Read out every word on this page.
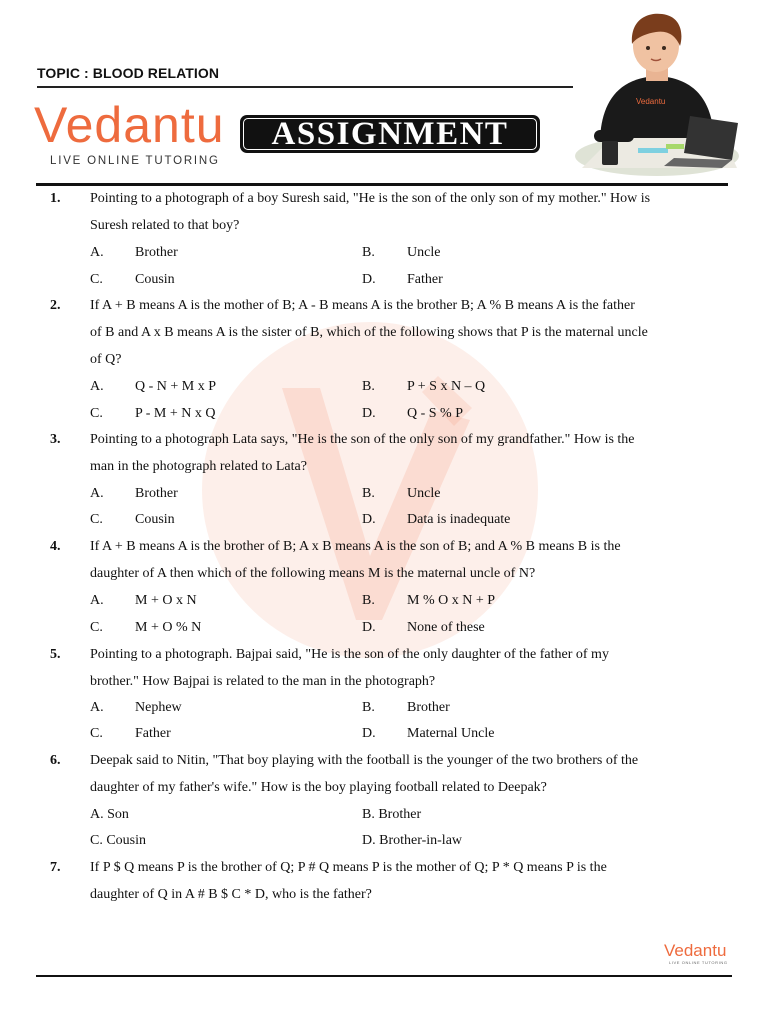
TOPIC : BLOOD RELATION
Vedantu
LIVE ONLINE TUTORING
ASSIGNMENT
Vedantu
1. Pointing to a photograph of a boy Suresh said, "He is the son of the only son of my mother." How is
Suresh related to that boy?
A. Brother	B. Uncle
C. Cousin	D. Father
2. If A + B means A is the mother of B; A - B means A is the brother B; A % B means A is the father
of B and A x B means A is the sister of B, which of the following shows that P is the maternal uncle
of Q?
A. Q - N + M x P	B. P + S x N – Q
C. P - M + N x Q	D. Q - S % P
3. Pointing to a photograph Lata says, "He is the son of the only son of my grandfather." How is the
man in the photograph related to Lata?
A. Brother	B. Uncle
C. Cousin	D. Data is inadequate
4. If A + B means A is the brother of B; A x B means A is the son of B; and A % B means B is the
daughter of A then which of the following means M is the maternal uncle of N?
A. M + O x N	B. M % O x N + P
C. M + O % N	D. None of these
5. Pointing to a photograph. Bajpai said, "He is the son of the only daughter of the father of my
brother." How Bajpai is related to the man in the photograph?
A. Nephew	B. Brother
C. Father	D. Maternal Uncle
6. Deepak said to Nitin, "That boy playing with the football is the younger of the two brothers of the
daughter of my father's wife." How is the boy playing football related to Deepak?
A. Son	B. Brother
C. Cousin	D. Brother-in-law
7. If P $ Q means P is the brother of Q; P # Q means P is the mother of Q; P * Q means P is the
daughter of Q in A # B $ C * D, who is the father?
Vedantu
LIVE ONLINE TUTORING
